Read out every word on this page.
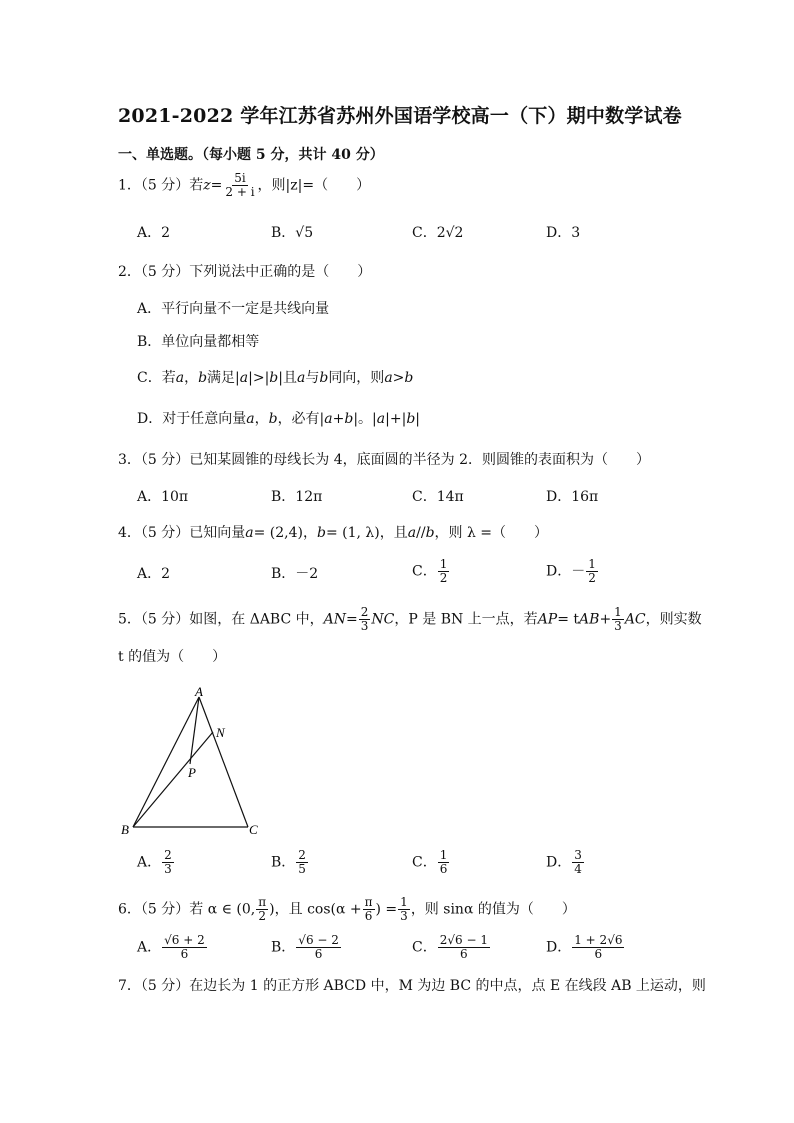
2021-2022 学年江苏省苏州外国语学校高一（下）期中数学试卷
一、单选题。（每小题 5 分，共计 40 分）
1．（5 分）若$z= \frac{5i}{2 + i}$ ，则|z|=（　　）
A．2	B．√5	C．2√2	D．3
2．（5 分）下列说法中正确的是（　　）
A．平行向量不一定是共线向量
B．单位向量都相等
C．若a，b满足|a|>|b|且a与b同向，则a>b
D．对于任意向量a，b，必有|a+b|。|a|+|b|
3．（5 分）已知某圆锥的母线长为 4，底面圆的半径为 2．则圆锥的表面积为（　　）
A．10π	B．12π	C．14π	D．16π
4．（5 分）已知向量a= (2,4)，b= (1, λ)，且a//b，则 λ =（　　）
A．2	B．－2	C． $\frac{1}{2}$	D．－ $\frac{1}{2}$
5．（5 分）如图，在 ΔABC 中，$AN= \frac{2}{3}$ NC，P 是 BN 上一点，若$AP= tAB+ \frac{1}{3}$ AC，则实数
t 的值为（　　）
A
B	C
N
P
A． $\frac{2}{3}$	B． $\frac{2}{5}$	C． $\frac{1}{6}$	D． $\frac{3}{4}$
6．（5 分）若 α ∈ (0, $\frac{\pi}{2}$ )，且 $\cos(\alpha + \frac{\pi}{6}$ ) = $\frac{1}{3}$ ，则 sinα 的值为（　　）
A． $\frac{√6 + 2}{6}$	B． $\frac{√6 - 2}{6}$	C． $\frac{2√6 - 1}{6}$	D． $\frac{1 + 2√6}{6}$
7．（5 分）在边长为 1 的正方形 ABCD 中，M 为边 BC 的中点，点 E 在线段 AB 上运动，则
